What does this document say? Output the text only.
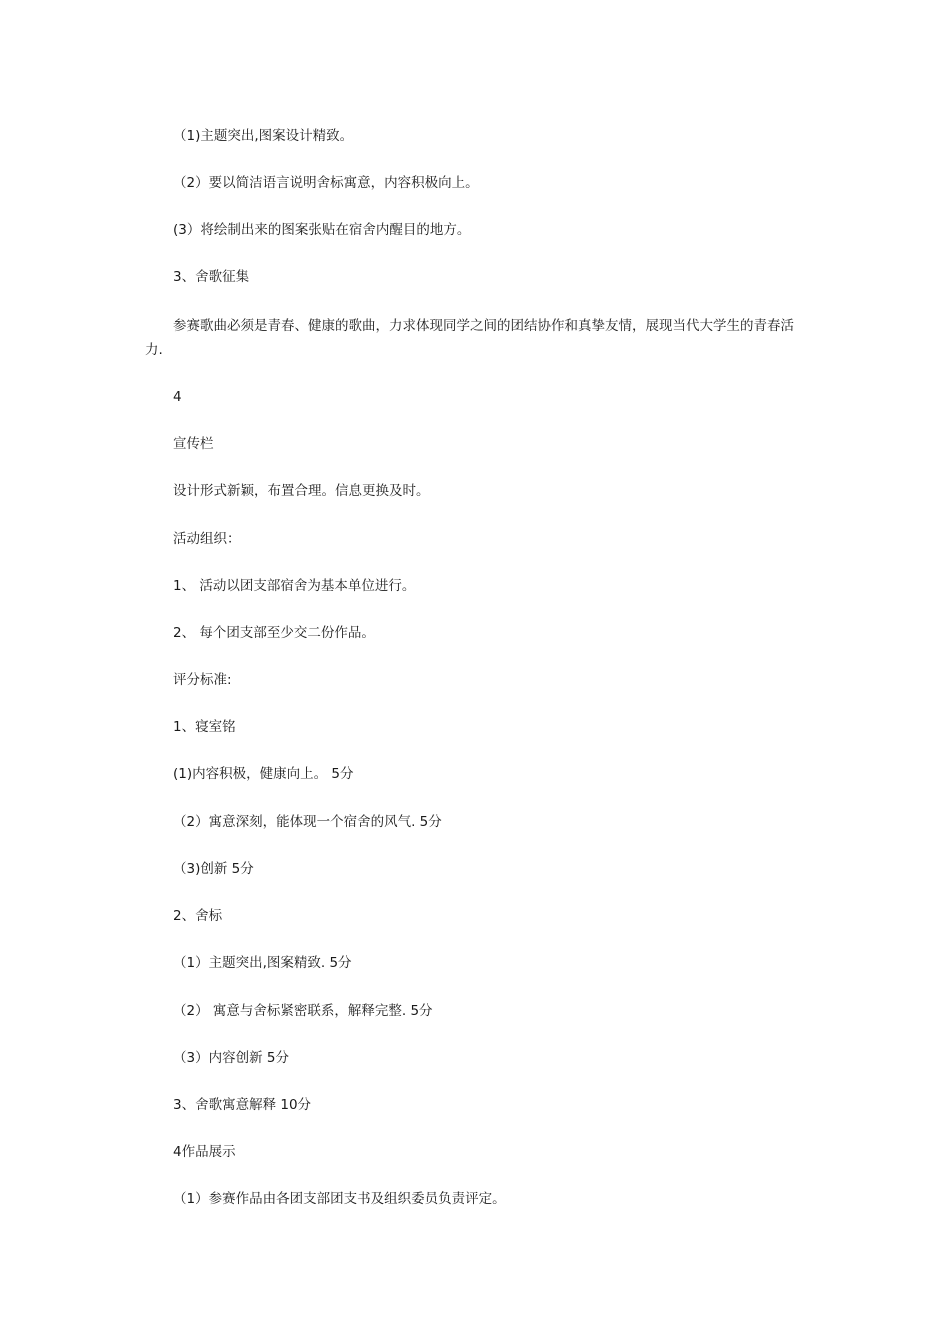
（1)主题突出,图案设计精致。
（2）要以简洁语言说明舍标寓意，内容积极向上。
(3）将绘制出来的图案张贴在宿舍内醒目的地方。
3、舍歌征集
参赛歌曲必须是青春、健康的歌曲，力求体现同学之间的团结协作和真挚友情，展现当代大学生的青春活力.
4
宣传栏
设计形式新颖，布置合理。信息更换及时。
活动组织：
1、 活动以团支部宿舍为基本单位进行。
2、 每个团支部至少交二份作品。
评分标准:
1、寝室铭
(1)内容积极，健康向上。 5分
（2）寓意深刻，能体现一个宿舍的风气. 5分
（3)创新 5分
2、舍标
（1）主题突出,图案精致. 5分
（2） 寓意与舍标紧密联系，解释完整. 5分
（3）内容创新 5分
3、舍歌寓意解释 10分
4作品展示
（1）参赛作品由各团支部团支书及组织委员负责评定。
